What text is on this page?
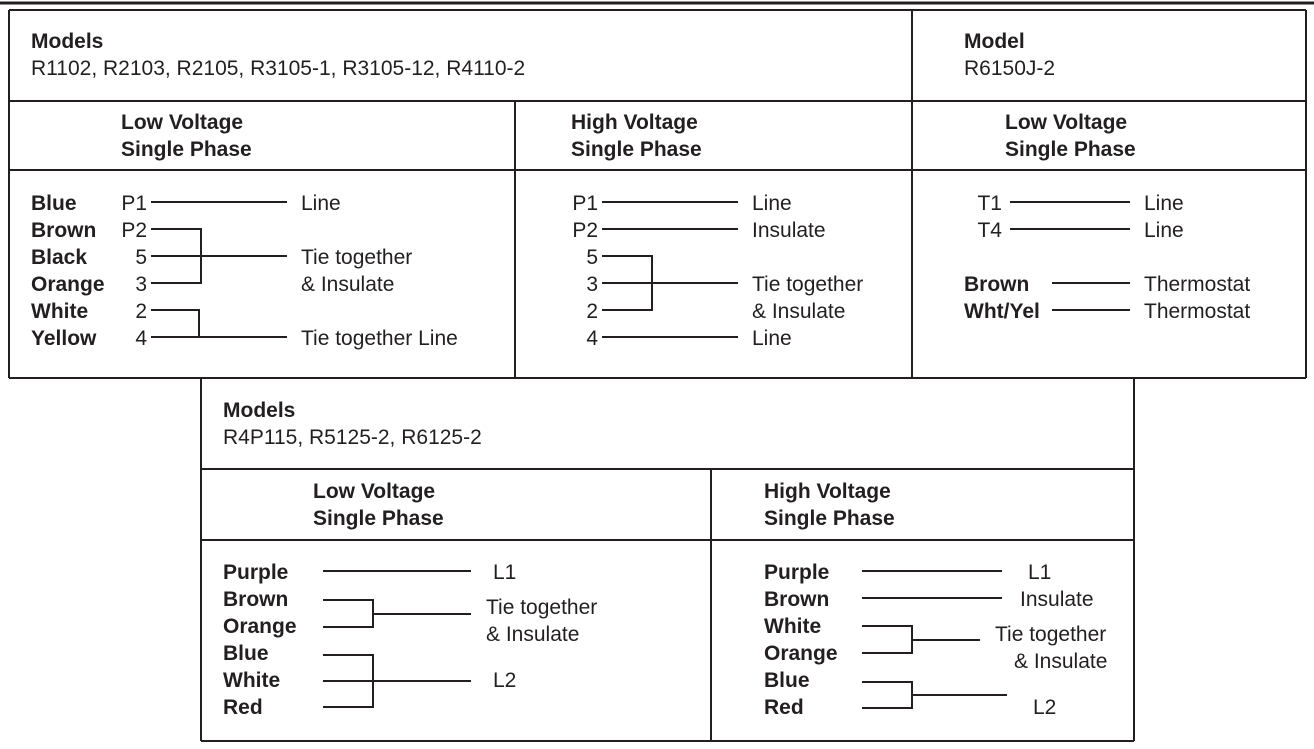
Models
R1102, R2103, R2105, R3105-1, R3105-12, R4110-2
Low Voltage
Single Phase
Blue
Brown
Black
Orange
White
Yellow
P1
P2
5
3
2
4
Line
Tie together
& Insulate
Tie together Line
High Voltage
Single Phase
P1
P2
5
3
2
4
Line
Insulate
Tie together
& Insulate
Line
Model
R6150J-2
Low Voltage
Single Phase
T1
T4
Brown
Wht/Yel
Line
Line
Thermostat
Thermostat
Models
R4P115, R5125-2, R6125-2
Low Voltage
Single Phase
Purple
Brown
Orange
Blue
White
Red
L1
Tie together
& Insulate
L2
High Voltage
Single Phase
Purple
Brown
White
Orange
Blue
Red
L1
Insulate
Tie together
& Insulate
L2
